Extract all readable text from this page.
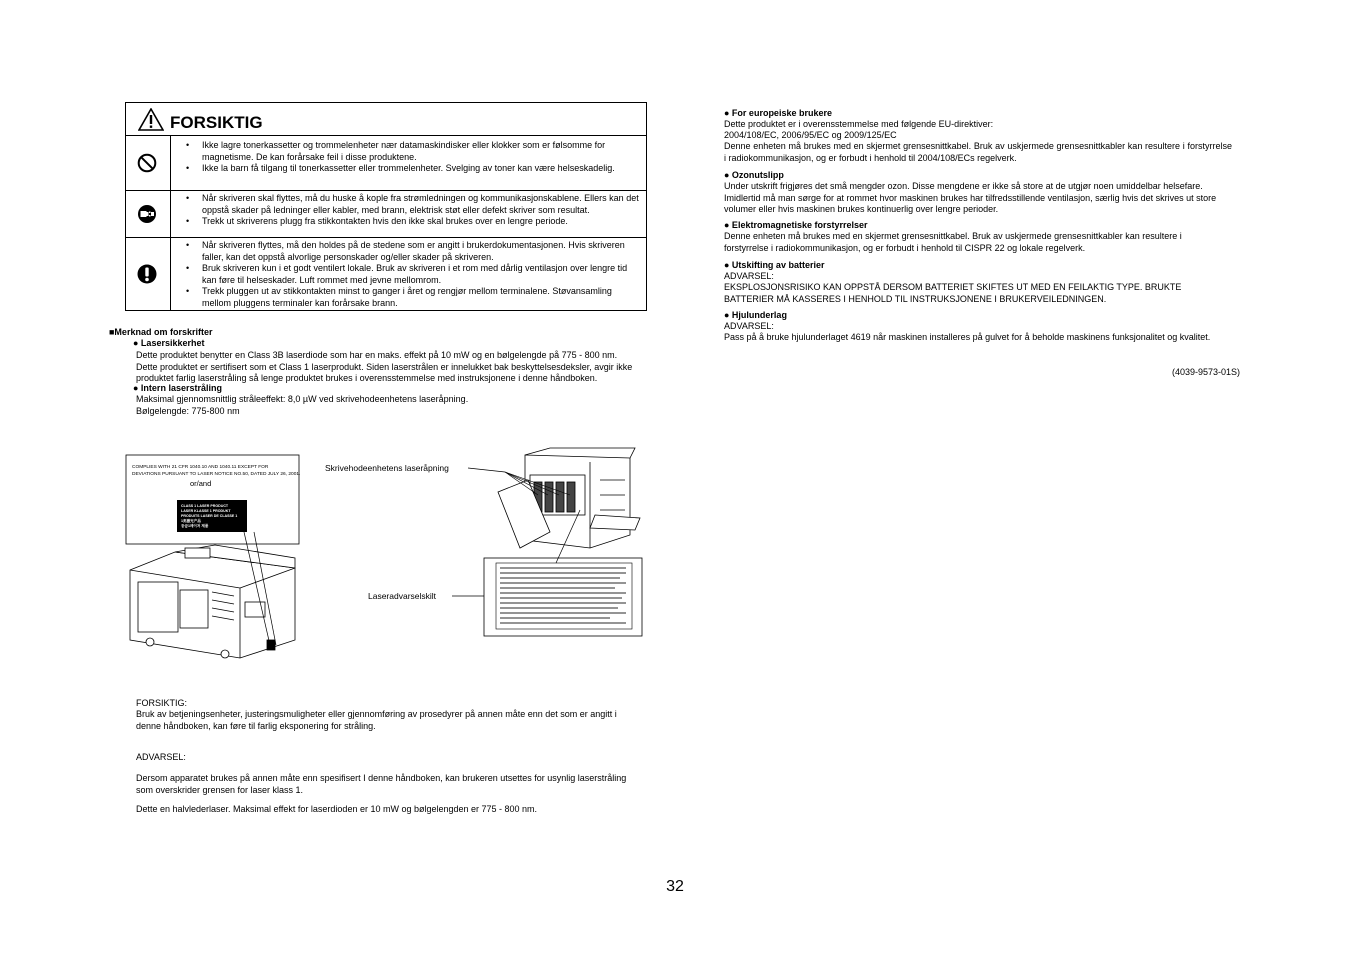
FORSIKTIG
• Ikke lagre tonerkassetter og trommelenheter nær datamaskindisker eller klokker som er følsomme for magnetisme. De kan forårsake feil i disse produktene.
• Ikke la barn få tilgang til tonerkassetter eller trommelenheter. Svelging av toner kan være helseskadelig.
• Når skriveren skal flyttes, må du huske å kople fra strømledningen og kommunikasjonskablene. Ellers kan det oppstå skader på ledninger eller kabler, med brann, elektrisk støt eller defekt skriver som resultat.
• Trekk ut skriverens plugg fra stikkontakten hvis den ikke skal brukes over en lengre periode.
• Når skriveren flyttes, må den holdes på de stedene som er angitt i brukerdokumentasjonen. Hvis skriveren faller, kan det oppstå alvorlige personskader og/eller skader på skriveren.
• Bruk skriveren kun i et godt ventilert lokale. Bruk av skriveren i et rom med dårlig ventilasjon over lengre tid kan føre til helseskader. Luft rommet med jevne mellomrom.
• Trekk pluggen ut av stikkontakten minst to ganger i året og rengjør mellom terminalene. Støvansamling mellom pluggens terminaler kan forårsake brann.
■Merknad om forskrifter
● Lasersikkerhet
Dette produktet benytter en Class 3B laserdiode som har en maks. effekt på 10 mW og en bølgelengde på 775 - 800 nm.
Dette produktet er sertifisert som et Class 1 laserprodukt. Siden laserstrålen er innelukket bak beskyttelsesdeksler, avgir ikke
produktet farlig laserstråling så lenge produktet brukes i overensstemmelse med instruksjonene i denne håndboken.
● Intern laserstråling
Maksimal gjennomsnittlig stråleeffekt: 8,0 µW ved skrivehodeenhetens laseråpning.
Bølgelengde: 775-800 nm
COMPLIES WITH 21 CFR 1040.10 AND 1040.11 EXCEPT FOR
DEVIATIONS PURSUANT TO LASER NOTICE NO.50, DATED JULY 26, 2001.
or/and
CLASS 1 LASER PRODUCT
LASER KLASSE 1 PRODUKT
PRODUITS LASER DE CLASSE 1
1类激光产品
등급1레이저 제품
Skrivehodeenhetens laseråpning
Laseradvarselskilt
FORSIKTIG:
Bruk av betjeningsenheter, justeringsmuligheter eller gjennomføring av prosedyrer på annen måte enn det som er angitt i
denne håndboken, kan føre til farlig eksponering for stråling.
ADVARSEL:
Dersom apparatet brukes på annen måte enn spesifisert I denne håndboken, kan brukeren utsettes for usynlig laserstråling
som overskrider grensen for laser klass 1.
Dette en halvlederlaser. Maksimal effekt for laserdioden er 10 mW og bølgelengden er 775 - 800 nm.
● For europeiske brukere
Dette produktet er i overensstemmelse med følgende EU-direktiver:
2004/108/EC, 2006/95/EC og 2009/125/EC
Denne enheten må brukes med en skjermet grensesnittkabel. Bruk av uskjermede grensesnittkabler kan resultere i forstyrrelse i radiokommunikasjon, og er forbudt i henhold til 2004/108/ECs regelverk.
● Ozonutslipp
Under utskrift frigjøres det små mengder ozon. Disse mengdene er ikke så store at de utgjør noen umiddelbar helsefare. Imidlertid må man sørge for at rommet hvor maskinen brukes har tilfredsstillende ventilasjon, særlig hvis det skrives ut store volumer eller hvis maskinen brukes kontinuerlig over lengre perioder.
● Elektromagnetiske forstyrrelser
Denne enheten må brukes med en skjermet grensesnittkabel. Bruk av uskjermede grensesnittkabler kan resultere i forstyrrelse i radiokommunikasjon, og er forbudt i henhold til CISPR 22 og lokale regelverk.
● Utskifting av batterier
ADVARSEL:
EKSPLOSJONSRISIKO KAN OPPSTÅ DERSOM BATTERIET SKIFTES UT MED EN FEILAKTIG TYPE. BRUKTE BATTERIER MÅ KASSERES I HENHOLD TIL INSTRUKSJONENE I BRUKERVEILEDNINGEN.
● Hjulunderlag
ADVARSEL:
Pass på å bruke hjulunderlaget 4619 når maskinen installeres på gulvet for å beholde maskinens funksjonalitet og kvalitet.
(4039-9573-01S)
32
